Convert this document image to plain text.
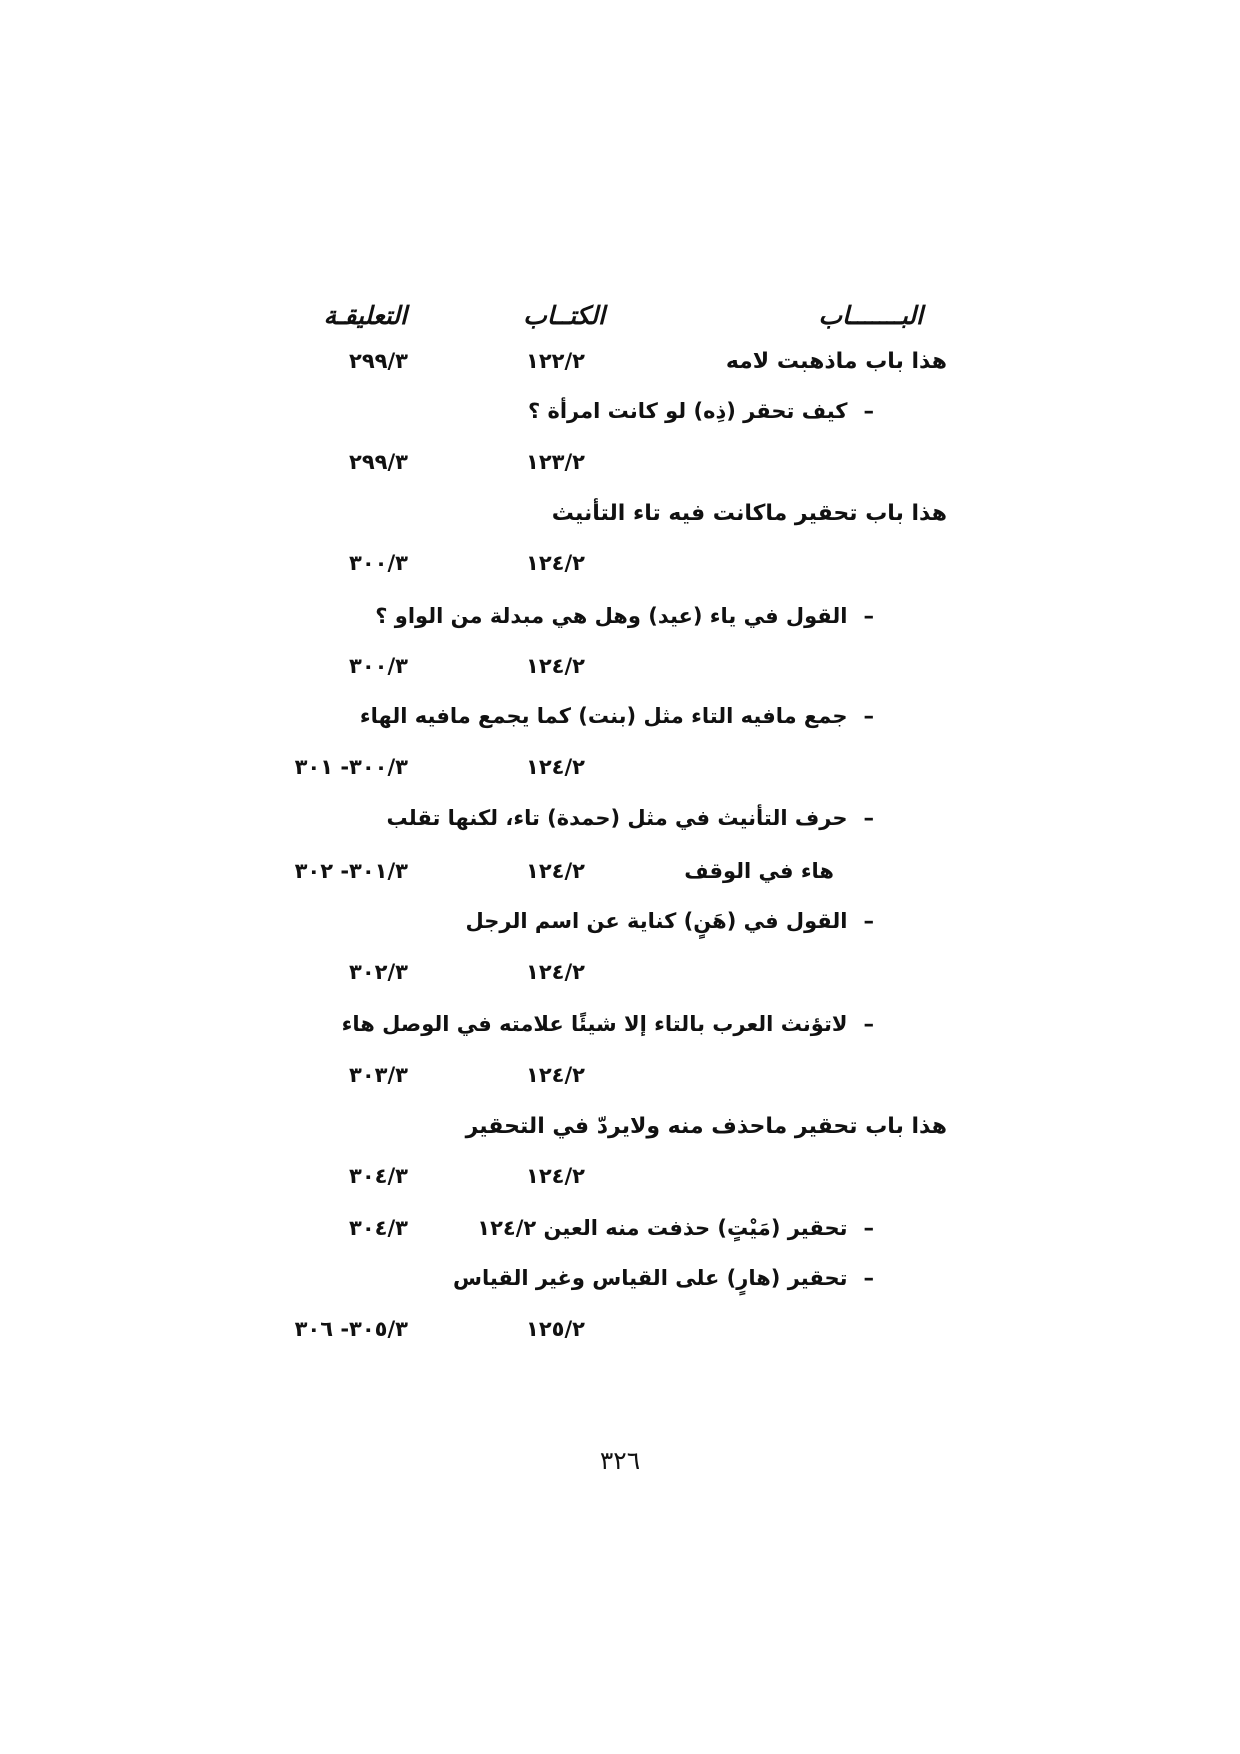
البـــــــاب
الكتــاب
التعليقـة
هذا باب ماذهبت لامه
١٢٢/٢
٢٩٩/٣
–كيف تحقر (ذِه) لو كانت امرأة ؟
١٢٣/٢
٢٩٩/٣
هذا باب تحقير ماكانت فيه تاء التأنيث
١٢٤/٢
٣٠٠/٣
–القول في ياء (عيد) وهل هي مبدلة من الواو ؟
١٢٤/٢
٣٠٠/٣
–جمع مافيه التاء مثل (بنت) كما يجمع مافيه الهاء
١٢٤/٢
٣٠٠/٣- ٣٠١
–حرف التأنيث في مثل (حمدة) تاء، لكنها تقلب
هاء في الوقف
١٢٤/٢
٣٠١/٣- ٣٠٢
–القول في (هَنٍ) كناية عن اسم الرجل
١٢٤/٢
٣٠٢/٣
–لاتؤنث العرب بالتاء إلا شيئًا علامته في الوصل هاء
١٢٤/٢
٣٠٣/٣
هذا باب تحقير ماحذف منه ولايردّ في التحقير
١٢٤/٢
٣٠٤/٣
–تحقير (مَيْتٍ) حذفت منه العين ١٢٤/٢
٣٠٤/٣
–تحقير (هارٍ) على القياس وغير القياس
١٢٥/٢
٣٠٥/٣- ٣٠٦
٣٢٦
